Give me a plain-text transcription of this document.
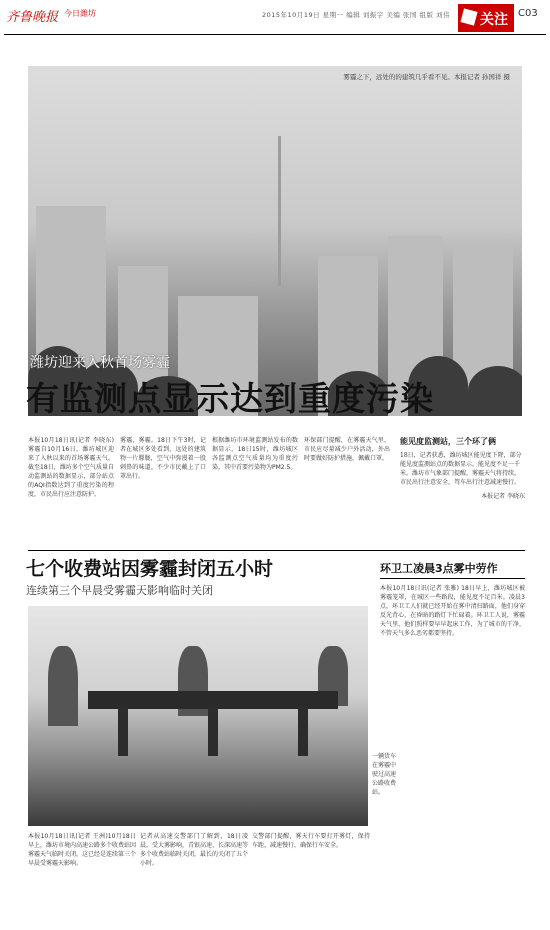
齐鲁晚报 今日潍坊	2015年10月19日 星期一 编辑 刘振宇 美编 张国 组版 刘伟 关注 C03
雾霾之下，远处的的建筑几乎看不见。本报记者 孙国祥 摄
潍坊迎来入秋首场雾霾
有监测点显示达到重度污染

本报10月18日讯(记者 李晓东)雾霾自10月16日，潍坊城区迎来了入秋以来的首场雾霾天气。截至18日，潍坊多个空气质量自动监测站的数据显示，部分站点的AQI指数达到了重度污染的程度，市民出行应注意防护。

雾霾，雾霾。18日下午3时，记者在城区多处看到，远处的建筑物一片朦胧，空气中弥漫着一股刺鼻的味道。不少市民戴上了口罩出行。

根据潍坊市环境监测站发布的数据显示，18日15时，潍坊城区各监测点空气质量均为重度污染，其中首要污染物为PM2.5。

环保部门提醒，在雾霾天气里，市民应尽量减少户外活动，外出时要做好防护措施，佩戴口罩。

能见度监测站，三个环了俩
18日，记者获悉，潍坊城区能见度下降，部分能见度监测站点的数据显示，能见度不足一千米。潍坊市气象部门提醒，雾霾天气将持续，市民出行注意安全，驾车出行注意减速慢行。
本报记者 李晓东
七个收费站因雾霾封闭五小时
连续第三个早晨受雾霾天影响临时关闭
一辆货车在雾霾中驶过高速公路收费站。

本报10月18日讯(记者 王洲)10月18日早上，潍坊市境内高速公路多个收费站因雾霾天气临时关闭，这已经是连续第三个早晨受雾霾天影响。

记者从高速交警部门了解到，18日凌晨，受大雾影响，青银高速、长深高速等多个收费站临时关闭，最长的关闭了五个小时。

交警部门提醒，雾天行车要打开雾灯，保持车距，减速慢行，确保行车安全。

环卫工凌晨3点雾中劳作

本报10月18日讯(记者 张雅) 18日早上，潍坊城区被雾霾笼罩，在城区一些路段，能见度不足百米。凌晨3点，环卫工人们就已经开始在雾中清扫路面，他们身穿反光背心，在昏暗的路灯下忙碌着。环卫工人说，雾霾天气里，他们照样要早早起床工作，为了城市的干净，不管天气多么恶劣都要坚持。
